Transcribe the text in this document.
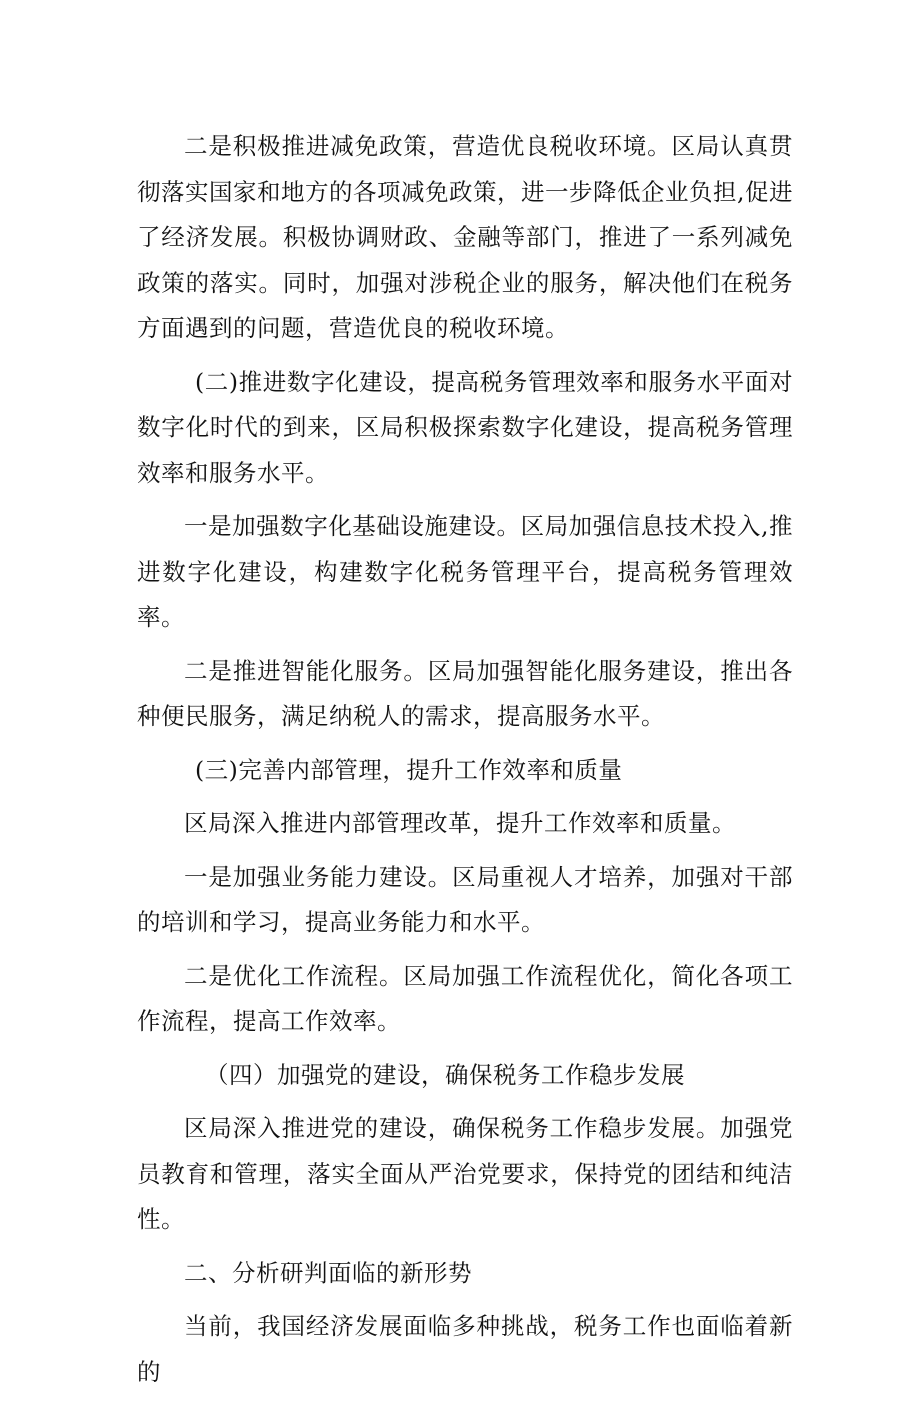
二是积极推进减免政策，营造优良税收环境。区局认真贯彻落实国家和地方的各项减免政策，进一步降低企业负担,促进了经济发展。积极协调财政、金融等部门，推进了一系列减免政策的落实。同时，加强对涉税企业的服务，解决他们在税务方面遇到的问题，营造优良的税收环境。

(二)推进数字化建设，提高税务管理效率和服务水平面对数字化时代的到来，区局积极探索数字化建设，提高税务管理效率和服务水平。

一是加强数字化基础设施建设。区局加强信息技术投入,推进数字化建设，构建数字化税务管理平台，提高税务管理效率。

二是推进智能化服务。区局加强智能化服务建设，推出各种便民服务，满足纳税人的需求，提高服务水平。

(三)完善内部管理，提升工作效率和质量

区局深入推进内部管理改革，提升工作效率和质量。

一是加强业务能力建设。区局重视人才培养，加强对干部的培训和学习，提高业务能力和水平。

二是优化工作流程。区局加强工作流程优化，简化各项工作流程，提高工作效率。

（四）加强党的建设，确保税务工作稳步发展

区局深入推进党的建设，确保税务工作稳步发展。加强党员教育和管理，落实全面从严治党要求，保持党的团结和纯洁性。

二、分析研判面临的新形势

当前，我国经济发展面临多种挑战，税务工作也面临着新的
